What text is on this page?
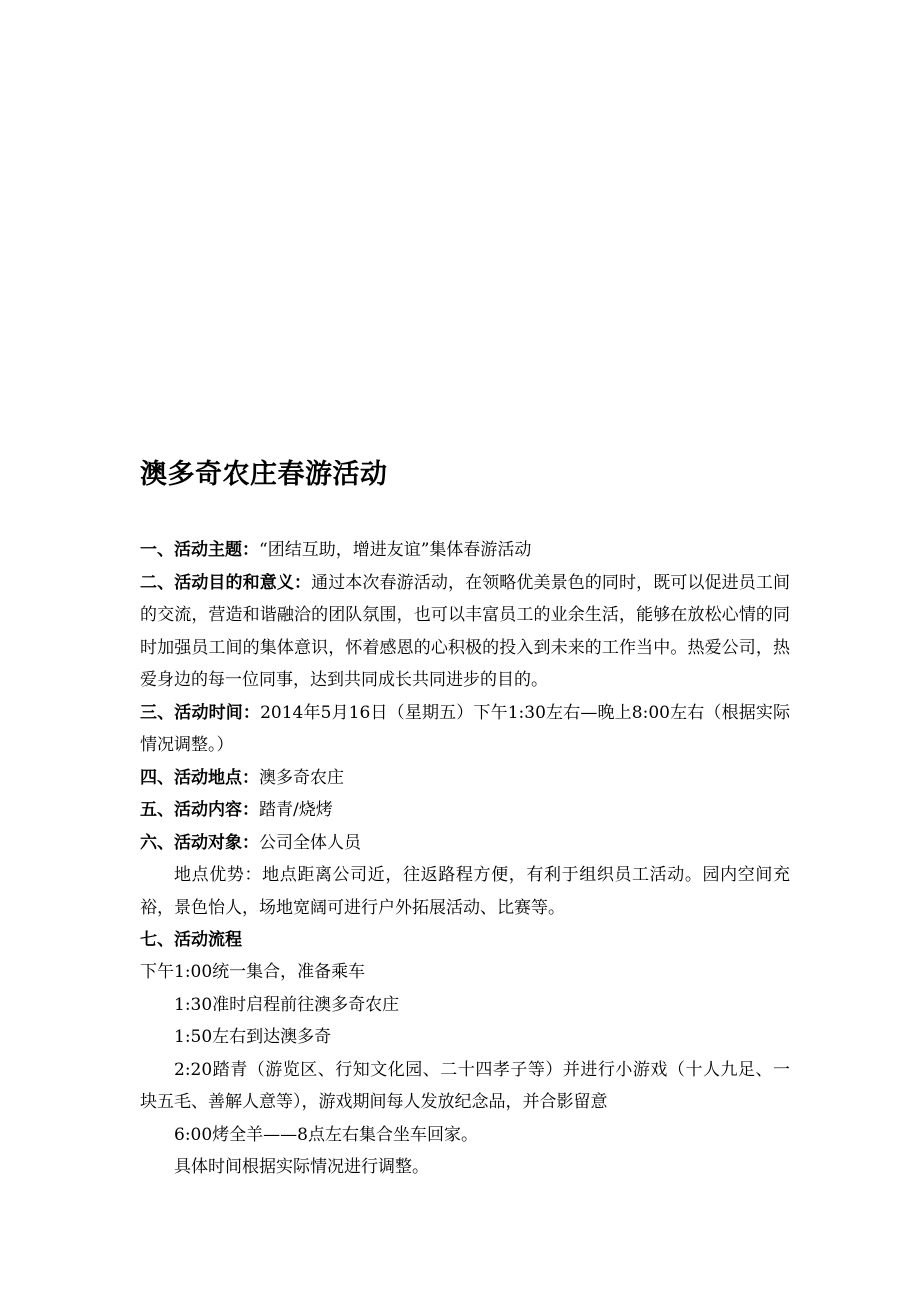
澳多奇农庄春游活动

一、活动主题：“团结互助，增进友谊”集体春游活动

二、活动目的和意义：通过本次春游活动，在领略优美景色的同时，既可以促进员工间的交流，营造和谐融洽的团队氛围，也可以丰富员工的业余生活，能够在放松心情的同时加强员工间的集体意识，怀着感恩的心积极的投入到未来的工作当中。热爱公司，热爱身边的每一位同事，达到共同成长共同进步的目的。

三、活动时间：2014年5月16日（星期五）下午1:30左右—晚上8:00左右（根据实际情况调整。）

四、活动地点：澳多奇农庄

五、活动内容：踏青/烧烤

六、活动对象：公司全体人员

地点优势：地点距离公司近，往返路程方便，有利于组织员工活动。园内空间充裕，景色怡人，场地宽阔可进行户外拓展活动、比赛等。

七、活动流程

下午1:00统一集合，准备乘车

1:30准时启程前往澳多奇农庄

1:50左右到达澳多奇

2:20踏青（游览区、行知文化园、二十四孝子等）并进行小游戏（十人九足、一块五毛、善解人意等），游戏期间每人发放纪念品，并合影留意

6:00烤全羊——8点左右集合坐车回家。

具体时间根据实际情况进行调整。
